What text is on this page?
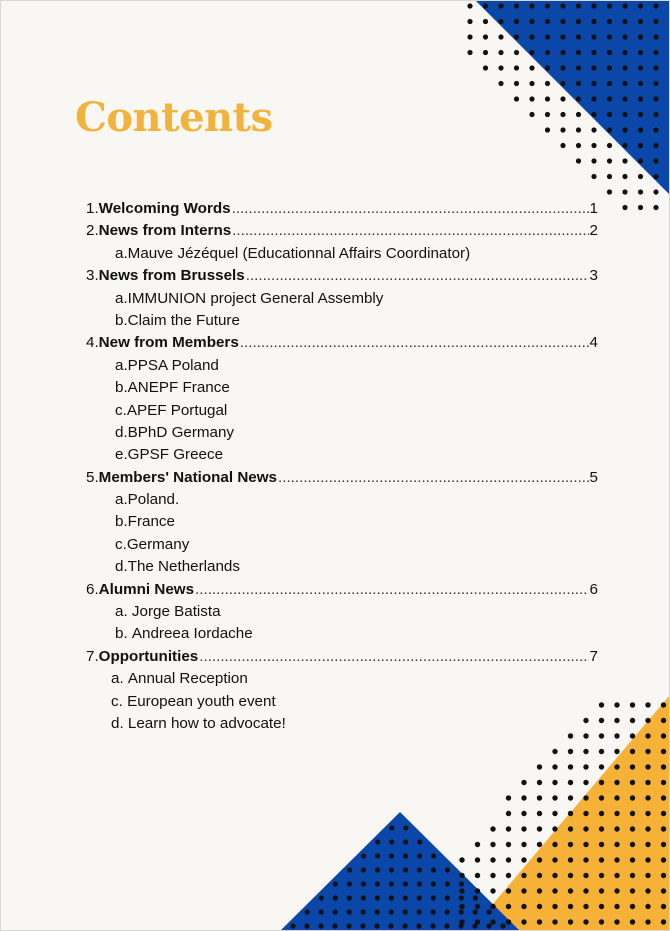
Contents
1. Welcoming Words .....	1
2. News from Interns .....	2
a. Mauve Jézéquel (Educationnal Affairs Coordinator)
3. News from Brussels .....	3
a. IMMUNION project General Assembly
b. Claim the Future
4. New from Members .....	4
a. PPSA Poland
b. ANEPF France
c. APEF Portugal
d. BPhD Germany
e. GPSF Greece
5. Members' National News .....	5
a. Poland.
b. France
c. Germany
d. The Netherlands
6. Alumni News .....	6
a.
Jorge Batista
b.
Andreea Iordache
7. Opportunities .....	7
a.
Annual Reception
c.
European youth event
d.
Learn how to advocate!
